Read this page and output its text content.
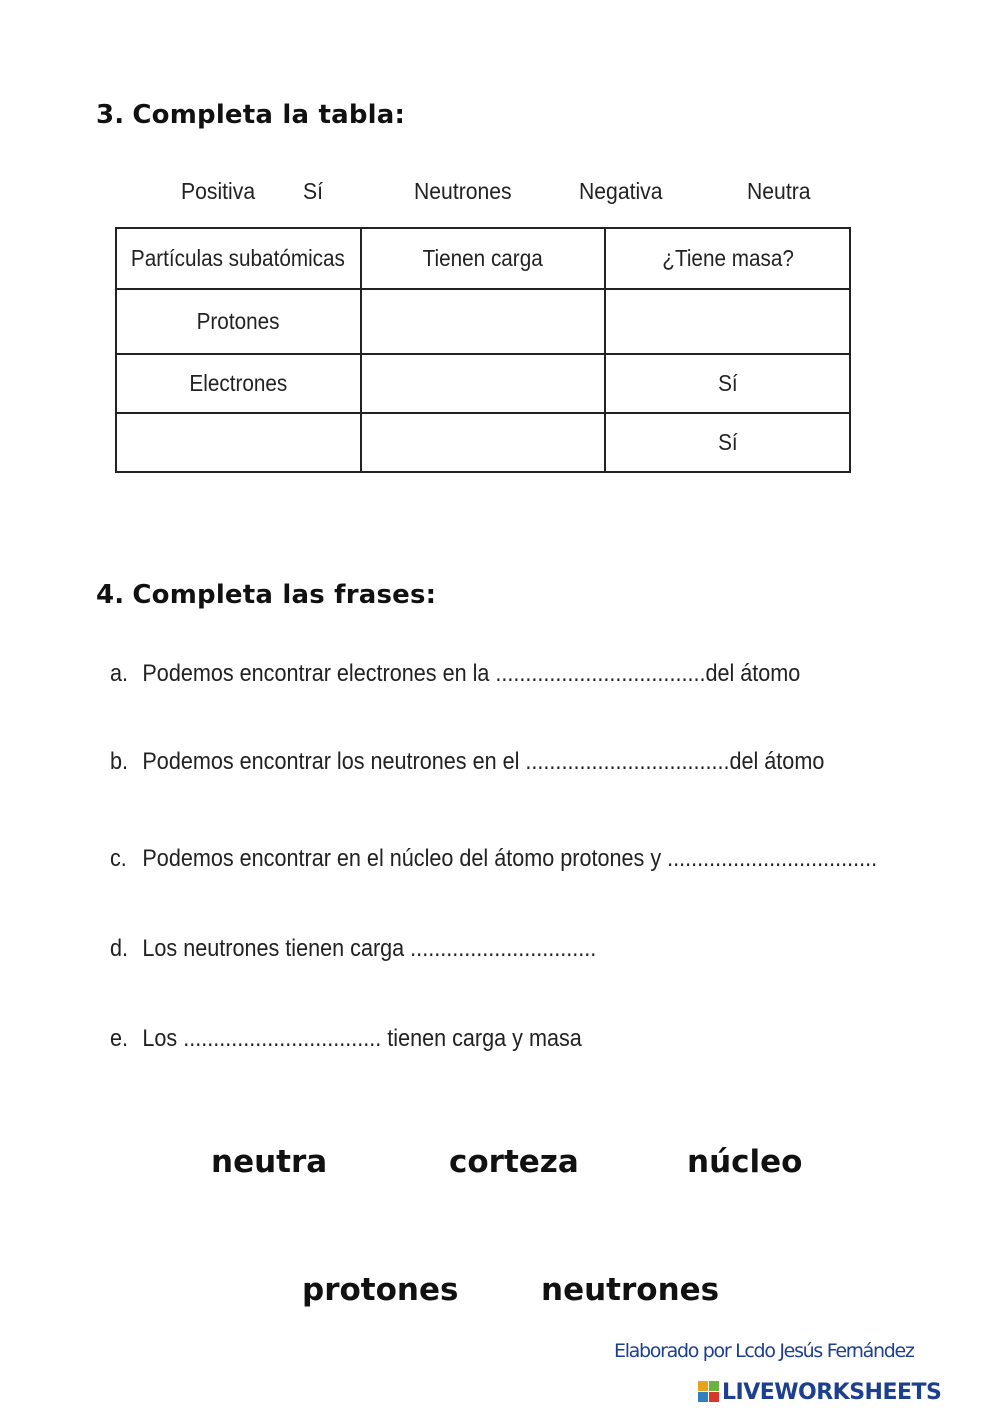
3. Completa la tabla:
Positiva Sí	Neutrones	Negativa	Neutra
Partículas subatómicas	Tienen carga	¿Tiene masa?
Protones		
Electrones		Sí
		Sí
4. Completa las frases:
a. Podemos encontrar electrones en la ...................................del átomo
b. Podemos encontrar los neutrones en el ..................................del átomo
c. Podemos encontrar en el núcleo del átomo protones y ...................................
d. Los neutrones tienen carga ...............................
e. Los ................................. tienen carga y masa
neutra	corteza	núcleo
protones	neutrones
Elaborado por Lcdo Jesús Fernández
LIVEWORKSHEETS
